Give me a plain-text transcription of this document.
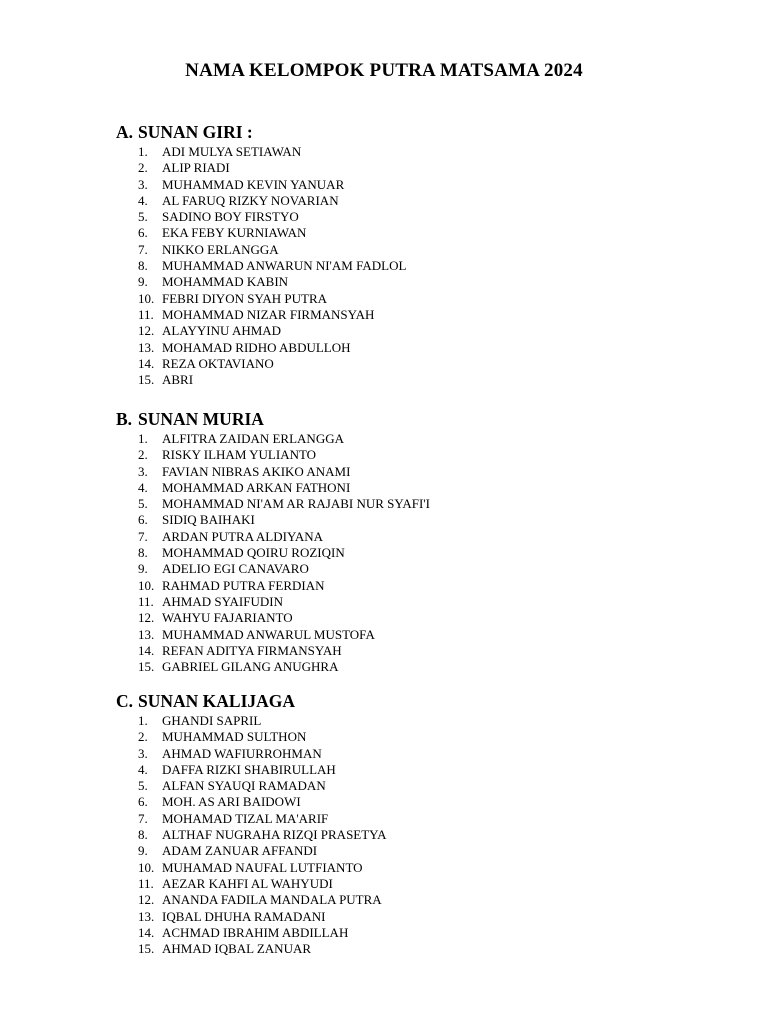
NAMA KELOMPOK PUTRA MATSAMA 2024
A. SUNAN GIRI :
1. ADI MULYA SETIAWAN
2. ALIP RIADI
3. MUHAMMAD KEVIN YANUAR
4. AL FARUQ RIZKY NOVARIAN
5. SADINO BOY FIRSTYO
6. EKA FEBY KURNIAWAN
7. NIKKO ERLANGGA
8. MUHAMMAD ANWARUN NI'AM FADLOL
9. MOHAMMAD KABIN
10. FEBRI DIYON SYAH PUTRA
11. MOHAMMAD NIZAR FIRMANSYAH
12. ALAYYINU AHMAD
13. MOHAMAD RIDHO ABDULLOH
14. REZA OKTAVIANO
15. ABRI
B. SUNAN MURIA
1. ALFITRA ZAIDAN ERLANGGA
2. RISKY ILHAM YULIANTO
3. FAVIAN NIBRAS AKIKO ANAMI
4. MOHAMMAD ARKAN FATHONI
5. MOHAMMAD NI'AM AR RAJABI NUR SYAFI'I
6. SIDIQ BAIHAKI
7. ARDAN PUTRA ALDIYANA
8. MOHAMMAD QOIRU ROZIQIN
9. ADELIO EGI CANAVARO
10. RAHMAD PUTRA FERDIAN
11. AHMAD SYAIFUDIN
12. WAHYU FAJARIANTO
13. MUHAMMAD ANWARUL MUSTOFA
14. REFAN ADITYA FIRMANSYAH
15. GABRIEL GILANG ANUGHRA
C. SUNAN KALIJAGA
1. GHANDI SAPRIL
2. MUHAMMAD SULTHON
3. AHMAD WAFIURROHMAN
4. DAFFA RIZKI SHABIRULLAH
5. ALFAN SYAUQI RAMADAN
6. MOH. AS ARI BAIDOWI
7. MOHAMAD TIZAL MA'ARIF
8. ALTHAF NUGRAHA RIZQI PRASETYA
9. ADAM ZANUAR AFFANDI
10. MUHAMAD NAUFAL LUTFIANTO
11. AEZAR KAHFI AL WAHYUDI
12. ANANDA FADILA MANDALA PUTRA
13. IQBAL DHUHA RAMADANI
14. ACHMAD IBRAHIM ABDILLAH
15. AHMAD IQBAL ZANUAR
